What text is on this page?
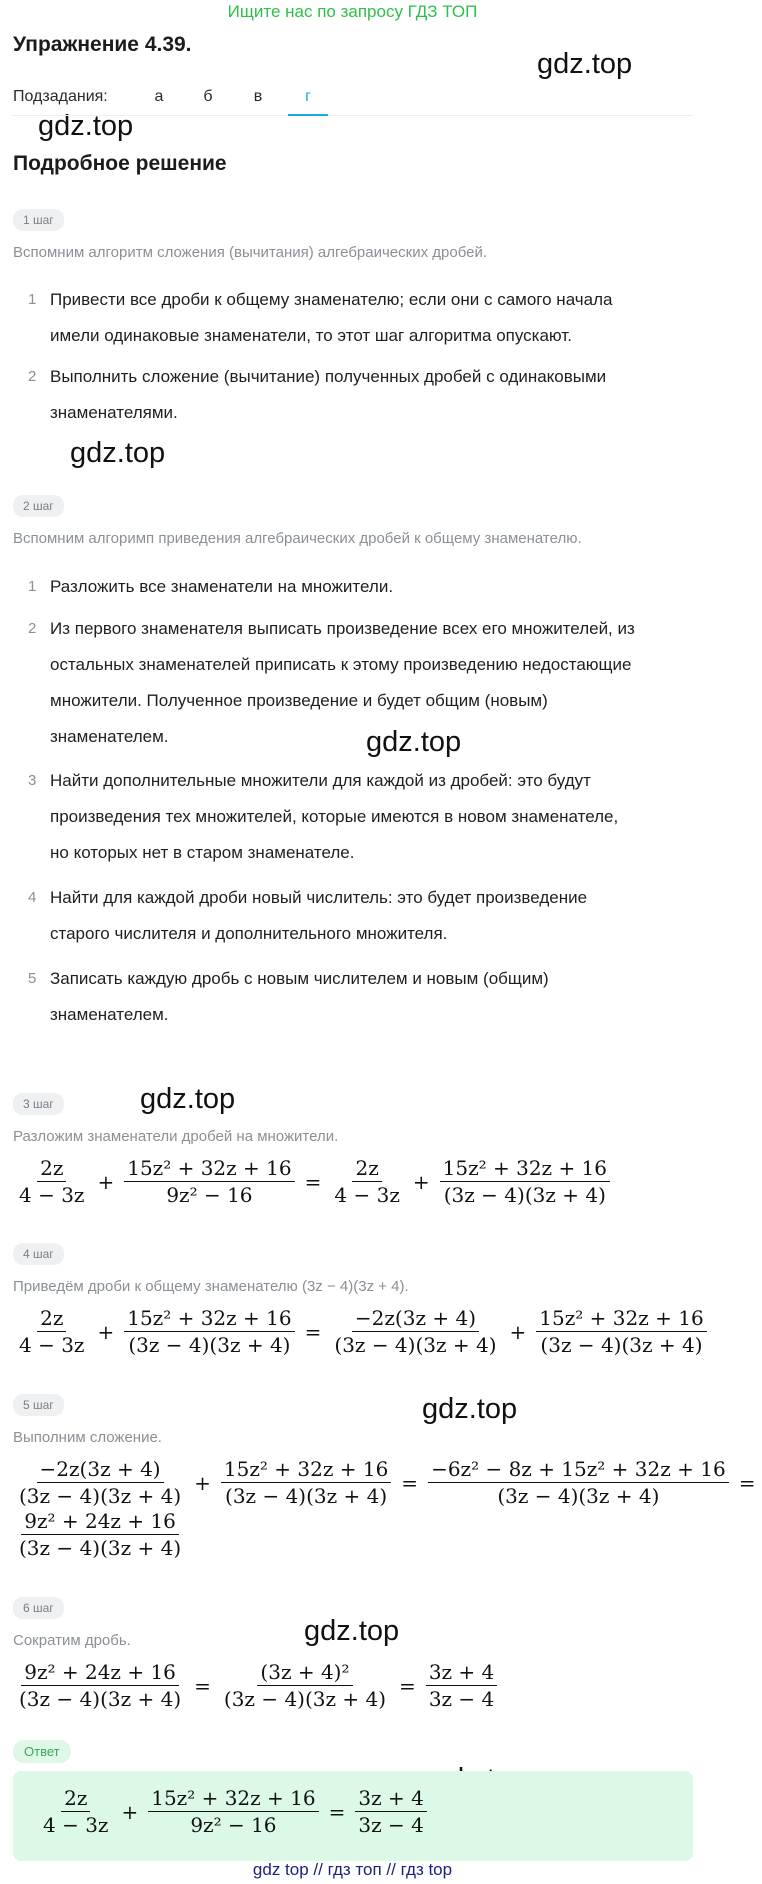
Ищите нас по запросу ГДЗ ТОП
Упражнение 4.39.
gdz.top
gdz.top
gdz.top
gdz.top
gdz.top
gdz.top
gdz.top
Подзадания:	а	б	в	г
Подробное решение
1 шаг
Вспомним алгоритм сложения (вычитания) алгебраических дробей.
1 Привести все дроби к общему знаменателю; если они с самого начала
имели одинаковые знаменатели, то этот шаг алгоритма опускают.
2 Выполнить сложение (вычитание) полученных дробей с одинаковыми
знаменателями.
2 шаг
Вспомним алгоримп приведения алгебраических дробей к общему знаменателю.
1 Разложить все знаменатели на множители.
2 Из первого знаменателя выписать произведение всех его множителей, из
остальных знаменателей приписать к этому произведению недостающие
множители. Полученное произведение и будет общим (новым)
знаменателем.
3 Найти дополнительные множители для каждой из дробей: это будут
произведения тех множителей, которые имеются в новом знаменателе,
но которых нет в старом знаменателе.
4 Найти для каждой дроби новый числитель: это будет произведение
старого числителя и дополнительного множителя.
5 Записать каждую дробь с новым числителем и новым (общим)
знаменателем.
3 шаг
Разложим знаменатели дробей на множители.
$\frac{2z}{4 - 3z} + \frac{\text{15z² + 32z + 16}}{\text{9z² − 16}} = \frac{2z}{4 - 3z} + \frac{\text{15z² + 32z + 16}}{(3z - 4)(3z + 4)}$
4 шаг
Приведём дроби к общему знаменателю (3z − 4)(3z + 4).
$\frac{2z}{4 - 3z} + \frac{\text{15z² + 32z + 16}}{(3z - 4)(3z + 4)} = \frac{-2z(3z + 4)}{(3z - 4)(3z + 4)} + \frac{\text{15z² + 32z + 16}}{(3z - 4)(3z + 4)}$
5 шаг
Выполним сложение.
$\frac{-2z(3z + 4)}{(3z - 4)(3z + 4)} + \frac{\text{15z² + 32z + 16}}{(3z - 4)(3z + 4)} = \frac{\text{−6z² − 8z + 15z² + 32z + 16}}{(3z - 4)(3z + 4)}$ =
$\frac{\text{9z² + 24z + 16}}{(3z - 4)(3z + 4)}$
6 шаг
Сократим дробь.
$\frac{\text{9z² + 24z + 16}}{(3z - 4)(3z + 4)} = \frac{\text{(3z + 4)²}}{(3z - 4)(3z + 4)} = \frac{3z + 4}{3z - 4}$
Ответ
$\frac{2z}{4 - 3z} + \frac{\text{15z² + 32z + 16}}{\text{9z² − 16}} = \frac{3z + 4}{3z - 4}$
gdz top // гдз топ // гдз top
